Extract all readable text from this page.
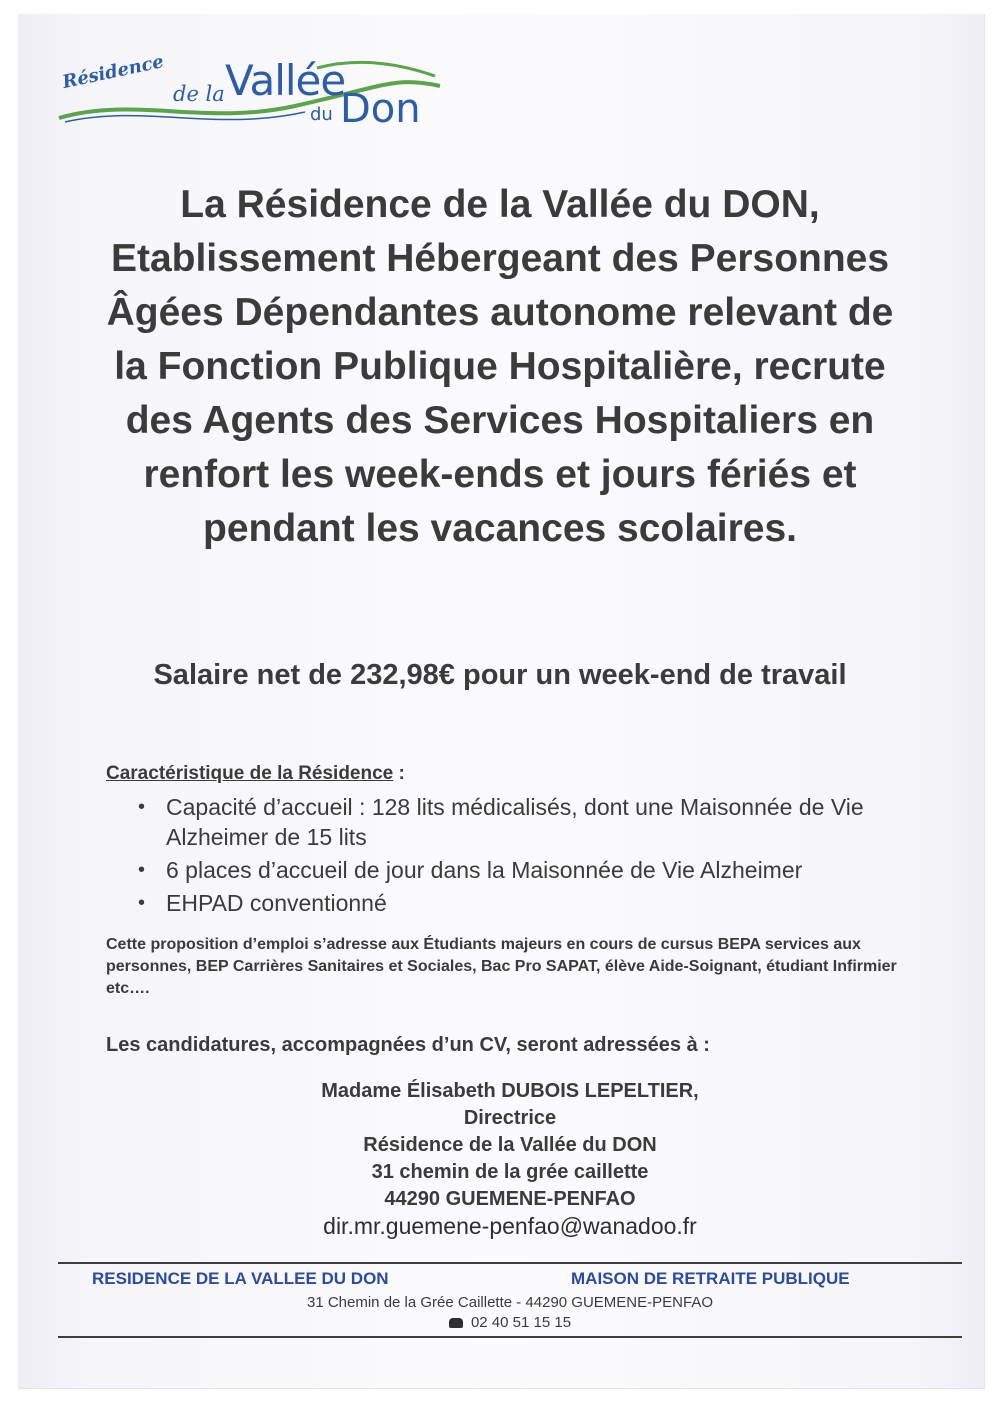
Résidence
de la Vallée
du Don

La Résidence de la Vallée du DON, Etablissement Hébergeant des Personnes Âgées Dépendantes autonome relevant de la Fonction Publique Hospitalière, recrute des Agents des Services Hospitaliers en renfort les week-ends et jours fériés et pendant les vacances scolaires.

Salaire net de 232,98€ pour un week-end de travail

Caractéristique de la Résidence :
• Capacité d’accueil : 128 lits médicalisés, dont une Maisonnée de Vie Alzheimer de 15 lits
• 6 places d’accueil de jour dans la Maisonnée de Vie Alzheimer
• EHPAD conventionné

Cette proposition d’emploi s’adresse aux Étudiants majeurs en cours de cursus BEPA services aux personnes, BEP Carrières Sanitaires et Sociales, Bac Pro SAPAT, élève Aide-Soignant, étudiant Infirmier etc….

Les candidatures, accompagnées d’un CV, seront adressées à :

Madame Élisabeth DUBOIS LEPELTIER,
Directrice
Résidence de la Vallée du DON
31 chemin de la grée caillette
44290 GUEMENE-PENFAO
dir.mr.guemene-penfao@wanadoo.fr
RESIDENCE DE LA VALLEE DU DON	MAISON DE RETRAITE PUBLIQUE
31 Chemin de la Grée Caillette - 44290 GUEMENE-PENFAO
02 40 51 15 15
